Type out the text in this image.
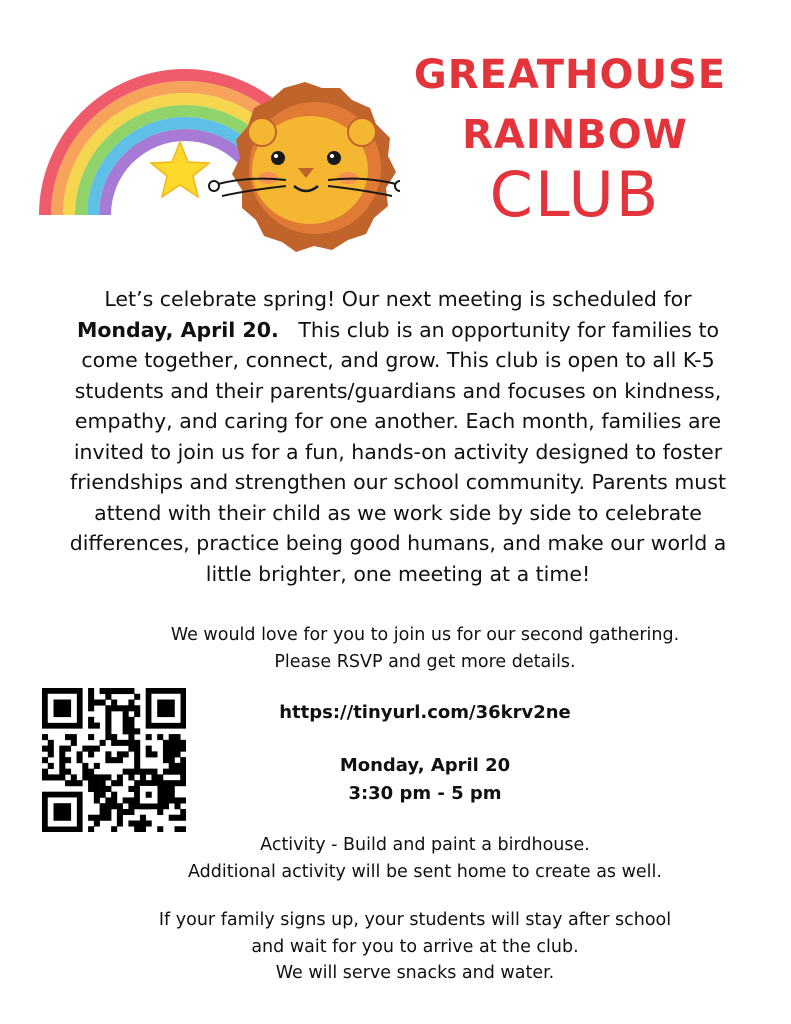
GREATHOUSE
RAINBOW
CLUB

Let’s celebrate spring! Our next meeting is scheduled for
Monday, April 20. This club is an opportunity for families to come together, connect, and grow. This club is open to all K-5 students and their parents/guardians and focuses on kindness, empathy, and caring for one another. Each month, families are invited to join us for a fun, hands-on activity designed to foster friendships and strengthen our school community. Parents must attend with their child as we work side by side to celebrate differences, practice being good humans, and make our world a little brighter, one meeting at a time!

We would love for you to join us for our second gathering.
Please RSVP and get more details.
https://tinyurl.com/36krv2ne
Monday, April 20
3:30 pm - 5 pm
Activity - Build and paint a birdhouse.
Additional activity will be sent home to create as well.
If your family signs up, your students will stay after school
and wait for you to arrive at the club.
We will serve snacks and water.
